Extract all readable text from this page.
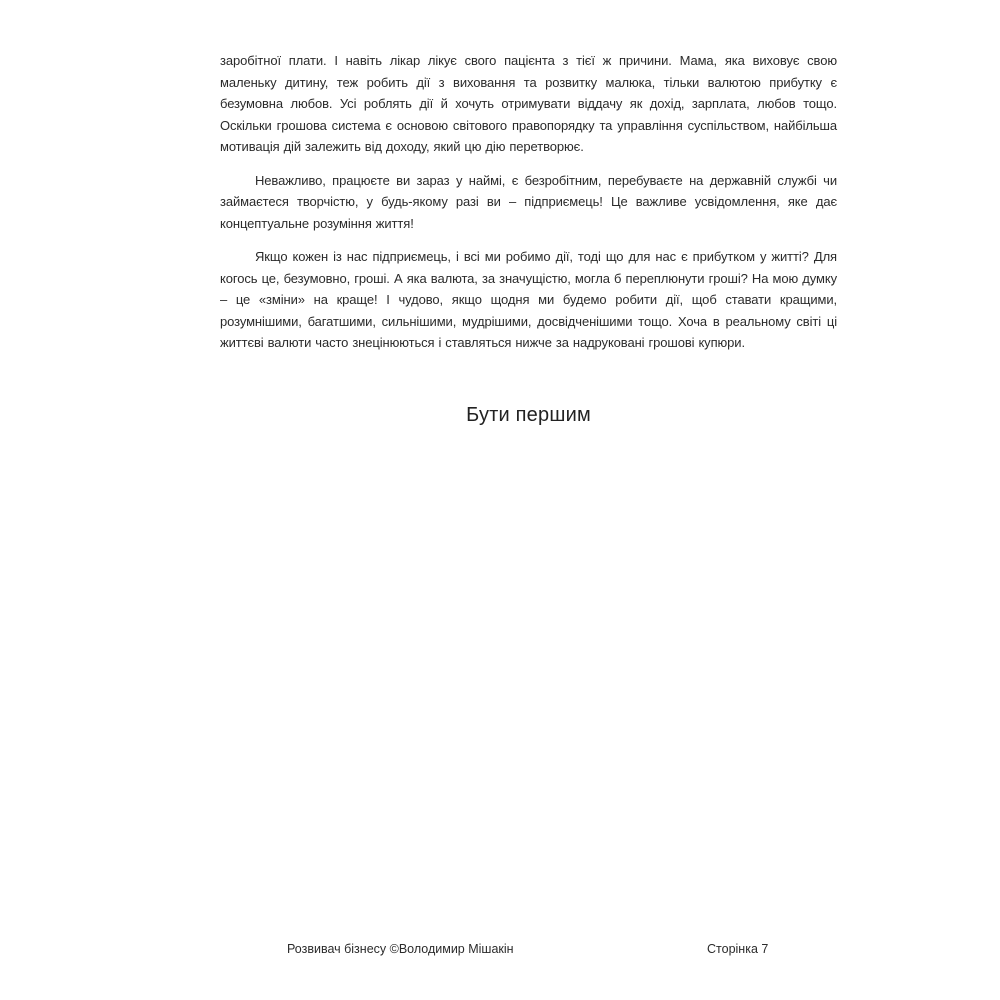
заробітної плати. І навіть лікар лікує свого пацієнта з тієї ж причини. Мама, яка виховує свою маленьку дитину, теж робить дії з виховання та розвитку малюка, тільки валютою прибутку є безумовна любов. Усі роблять дії й хочуть отримувати віддачу як дохід, зарплата, любов тощо. Оскільки грошова система є основою світового правопорядку та управління суспільством, найбільша мотивація дій залежить від доходу, який цю дію перетворює.

Неважливо, працюєте ви зараз у наймі, є безробітним, перебуваєте на державній службі чи займаєтеся творчістю, у будь-якому разі ви – підприємець! Це важливе усвідомлення, яке дає концептуальне розуміння життя!

Якщо кожен із нас підприємець, і всі ми робимо дії, тоді що для нас є прибутком у житті? Для когось це, безумовно, гроші. А яка валюта, за значущістю, могла б переплюнути гроші? На мою думку – це «зміни» на краще! І чудово, якщо щодня ми будемо робити дії, щоб ставати кращими, розумнішими, багатшими, сильнішими, мудрішими, досвідченішими тощо. Хоча в реальному світі ці життєві валюти часто знецінюються і ставляться нижче за надруковані грошові купюри.

Бути першим
Розвивач бізнесу ©Володимир Мішакін	Сторінка 7
